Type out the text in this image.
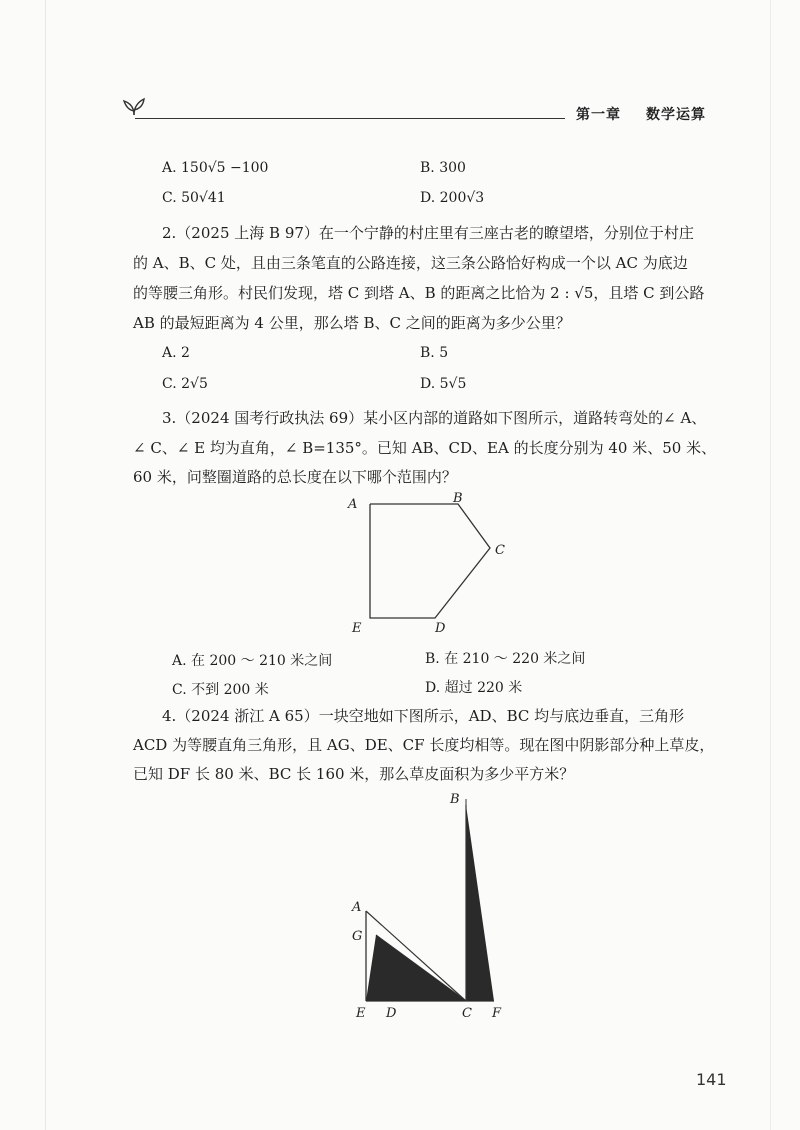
第一章 数学运算
A. 150√5 −100	B. 300
C. 50√41	D. 200√3
2.（2025 上海 B 97）在一个宁静的村庄里有三座古老的瞭望塔，分别位于村庄
的 A、B、C 处，且由三条笔直的公路连接，这三条公路恰好构成一个以 AC 为底边
的等腰三角形。村民们发现，塔 C 到塔 A、B 的距离之比恰为 2 : √5，且塔 C 到公路
AB 的最短距离为 4 公里，那么塔 B、C 之间的距离为多少公里？
A. 2	B. 5
C. 2√5	D. 5√5
3.（2024 国考行政执法 69）某小区内部的道路如下图所示，道路转弯处的∠ A、
∠ C、∠ E 均为直角，∠ B=135°。已知 AB、CD、EA 的长度分别为 40 米、50 米、
60 米，问整圈道路的总长度在以下哪个范围内？
A	B
C
D
E
A. 在 200 ～ 210 米之间	B. 在 210 ～ 220 米之间
C. 不到 200 米	D. 超过 220 米
4.（2024 浙江 A 65）一块空地如下图所示，AD、BC 均与底边垂直，三角形
ACD 为等腰直角三角形，且 AG、DE、CF 长度均相等。现在图中阴影部分种上草皮，
已知 DF 长 80 米、BC 长 160 米，那么草皮面积为多少平方米？
B
A
G
E D	C F
141
